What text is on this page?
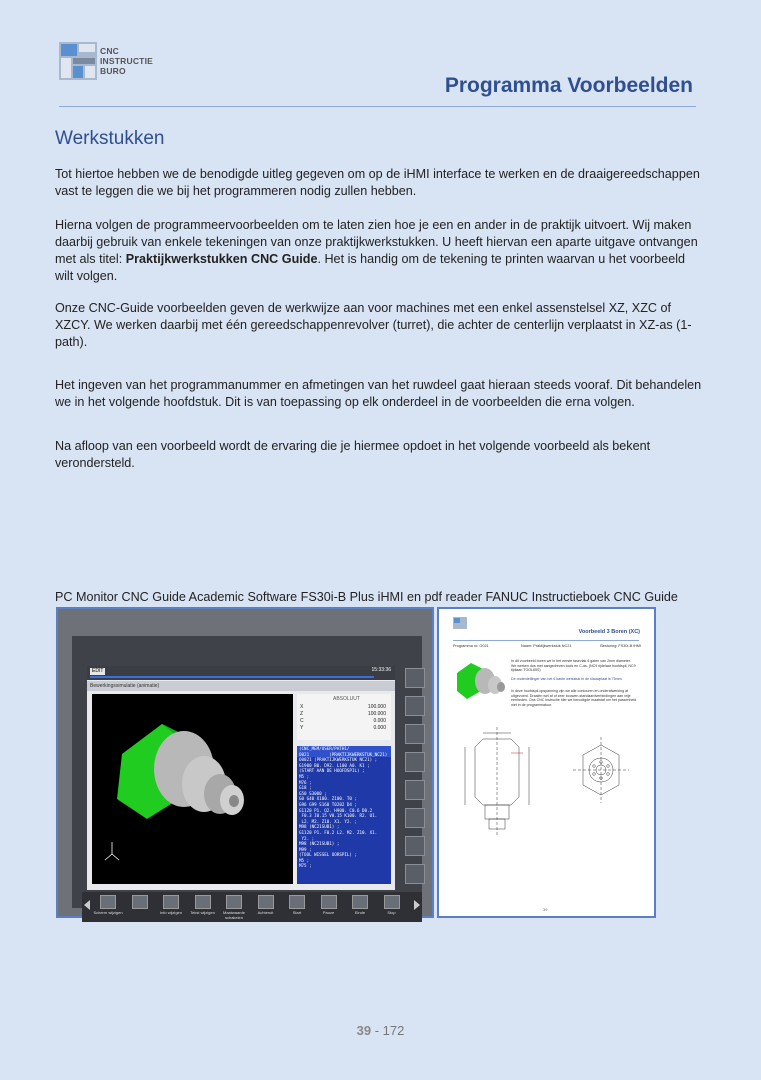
CNC
INSTRUCTIE
BURO
Programma Voorbeelden
Werkstukken
Tot hiertoe hebben we de benodigde uitleg gegeven om op de iHMI interface te werken en de draaigereedschappen vast te leggen die we bij het programmeren nodig zullen hebben.
Hierna volgen de programmeervoorbeelden om te laten zien hoe je een en ander in de praktijk uitvoert. Wij maken daarbij gebruik van enkele tekeningen van onze praktijkwerkstukken. U heeft hiervan een aparte uitgave ontvangen met als titel: Praktijkwerkstukken CNC Guide. Het is handig om de tekening te printen waarvan u het voorbeeld wilt volgen.
Onze CNC-Guide voorbeelden geven de werkwijze aan voor machines met een enkel assenstelsel XZ, XZC of XZCY. We werken daarbij met één gereedschappenrevolver (turret), die achter de centerlijn verplaatst in XZ-as (1-path).
Het ingeven van het programmanummer en afmetingen van het ruwdeel gaat hieraan steeds vooraf. Dit behandelen we in het volgende hoofdstuk. Dit is van toepassing op elk onderdeel in de voorbeelden die erna volgen.
Na afloop van een voorbeeld wordt de ervaring die je hiermee opdoet in het volgende voorbeeld als bekent verondersteld.
PC Monitor CNC Guide Academic Software FS30i-B Plus iHMI en pdf reader FANUC Instructieboek CNC Guide
EDIT	15:33:36
Bewerkingssimulatie (animatie)
ABSOLUUT
X	100.000
Z	100.000
C	0.000
Y	0.000
(CNC_MEM/USER/PATH1/
O021        (PRAKTIJKWERKSTUK_NC21)
O0021 (PRAKTIJKWERKSTUK NC21) ;
G1900 B0. D92. L100 A0. K1 ;
(START AAN DE HOOFDSPIL) ;
M5 ;
M76 ;
G18 ;
G50 S3000 ;
G0 G40 X100. Z100. T0 ;
G96 G99 S160 T0202 D4 ;
G1120 P1. Q2. H900. C0.6 D0.2
F0.3 I0.15 V0.15 K100. R2. U1.
L2. M2. Z10. X1. Y2. ;
M98 (NC21SUB1) ;
G1120 P1. F0.2 L2. M2. Z10. X1.
Y2. ;
M98 (NC21SUB1) ;
M99 ;
(TOOL WISSEL OORSPIL) ;
M5 ;
M75 ;
Scherm wijzigen	Info wijzigen	Tekst wijzigen	Maatwaarde schakelen
Achteruit	Start	Pauze	Einde	Stop
Voorbeeld 3 Boren (XC)
Programma nr: O021	Naam: Praktijkwerkstuk NC21	Besturing: FS30i-B iHMI
In dit voorbeeld boren we in het eerste fasevlak 6 gaten van 2mm diameter. We werken dus met aangedreven tools en C-as. (NC9 rijdelaar hoofdspil, NC9 tijdlaan TOOL65S)
De onderdeltinger van het 6 kante werkstuk in de klauwplaat is 75mm.
In deze hoofdspil-opspanning zijn we alle contouren en onderafwerking af uitgevoerd. Draaien wel af of zeer bouwen-standaardverbindingen aan vrije eenheden. Ons CNC instructie hier we benodigde maatstaf om het passenheid niet in de programmatuur.
39
39 - 172
